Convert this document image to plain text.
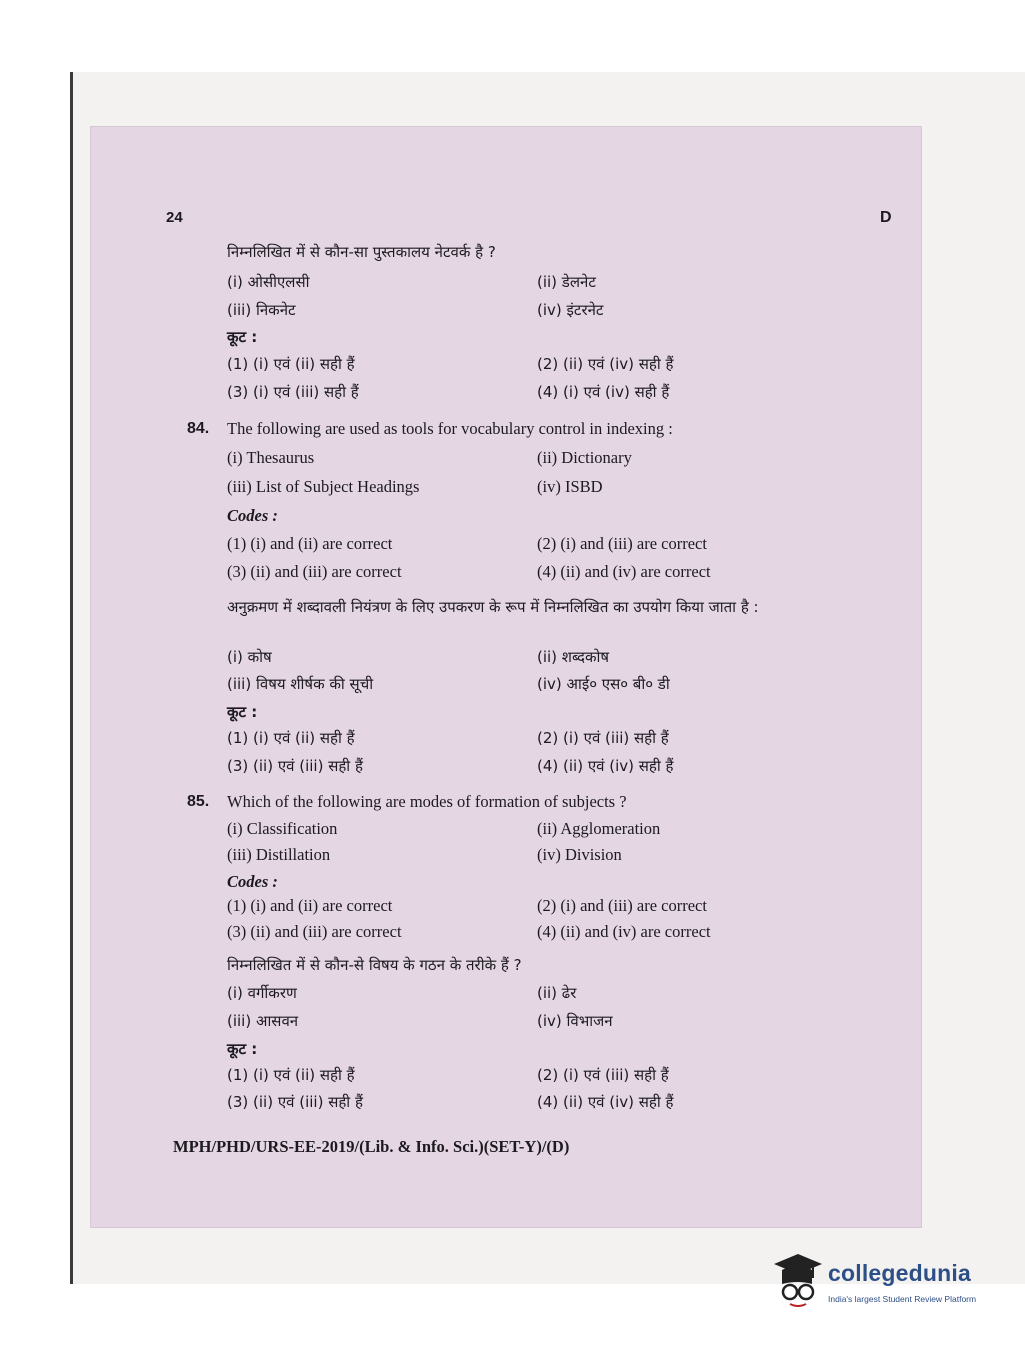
24	D
निम्नलिखित में से कौन-सा पुस्तकालय नेटवर्क है ?
(i) ओसीएलसी	(ii) डेलनेट
(iii) निकनेट	(iv) इंटरनेट
कूट :
(1) (i) एवं (ii) सही हैं	(2) (ii) एवं (iv) सही हैं
(3) (i) एवं (iii) सही हैं	(4) (i) एवं (iv) सही हैं
84. The following are used as tools for vocabulary control in indexing :
(i) Thesaurus	(ii) Dictionary
(iii) List of Subject Headings	(iv) ISBD
Codes :
(1) (i) and (ii) are correct	(2) (i) and (iii) are correct
(3) (ii) and (iii) are correct	(4) (ii) and (iv) are correct
अनुक्रमण में शब्दावली नियंत्रण के लिए उपकरण के रूप में निम्नलिखित का उपयोग किया जाता है :
(i) कोष	(ii) शब्दकोष
(iii) विषय शीर्षक की सूची	(iv) आई० एस० बी० डी
कूट :
(1) (i) एवं (ii) सही हैं	(2) (i) एवं (iii) सही हैं
(3) (ii) एवं (iii) सही हैं	(4) (ii) एवं (iv) सही हैं
85. Which of the following are modes of formation of subjects ?
(i) Classification	(ii) Agglomeration
(iii) Distillation	(iv) Division
Codes :
(1) (i) and (ii) are correct	(2) (i) and (iii) are correct
(3) (ii) and (iii) are correct	(4) (ii) and (iv) are correct
निम्नलिखित में से कौन-से विषय के गठन के तरीके हैं ?
(i) वर्गीकरण	(ii) ढेर
(iii) आसवन	(iv) विभाजन
कूट :
(1) (i) एवं (ii) सही हैं	(2) (i) एवं (iii) सही हैं
(3) (ii) एवं (iii) सही हैं	(4) (ii) एवं (iv) सही हैं
MPH/PHD/URS-EE-2019/(Lib. & Info. Sci.)(SET-Y)/(D)
collegedunia
India's largest Student Review Platform
